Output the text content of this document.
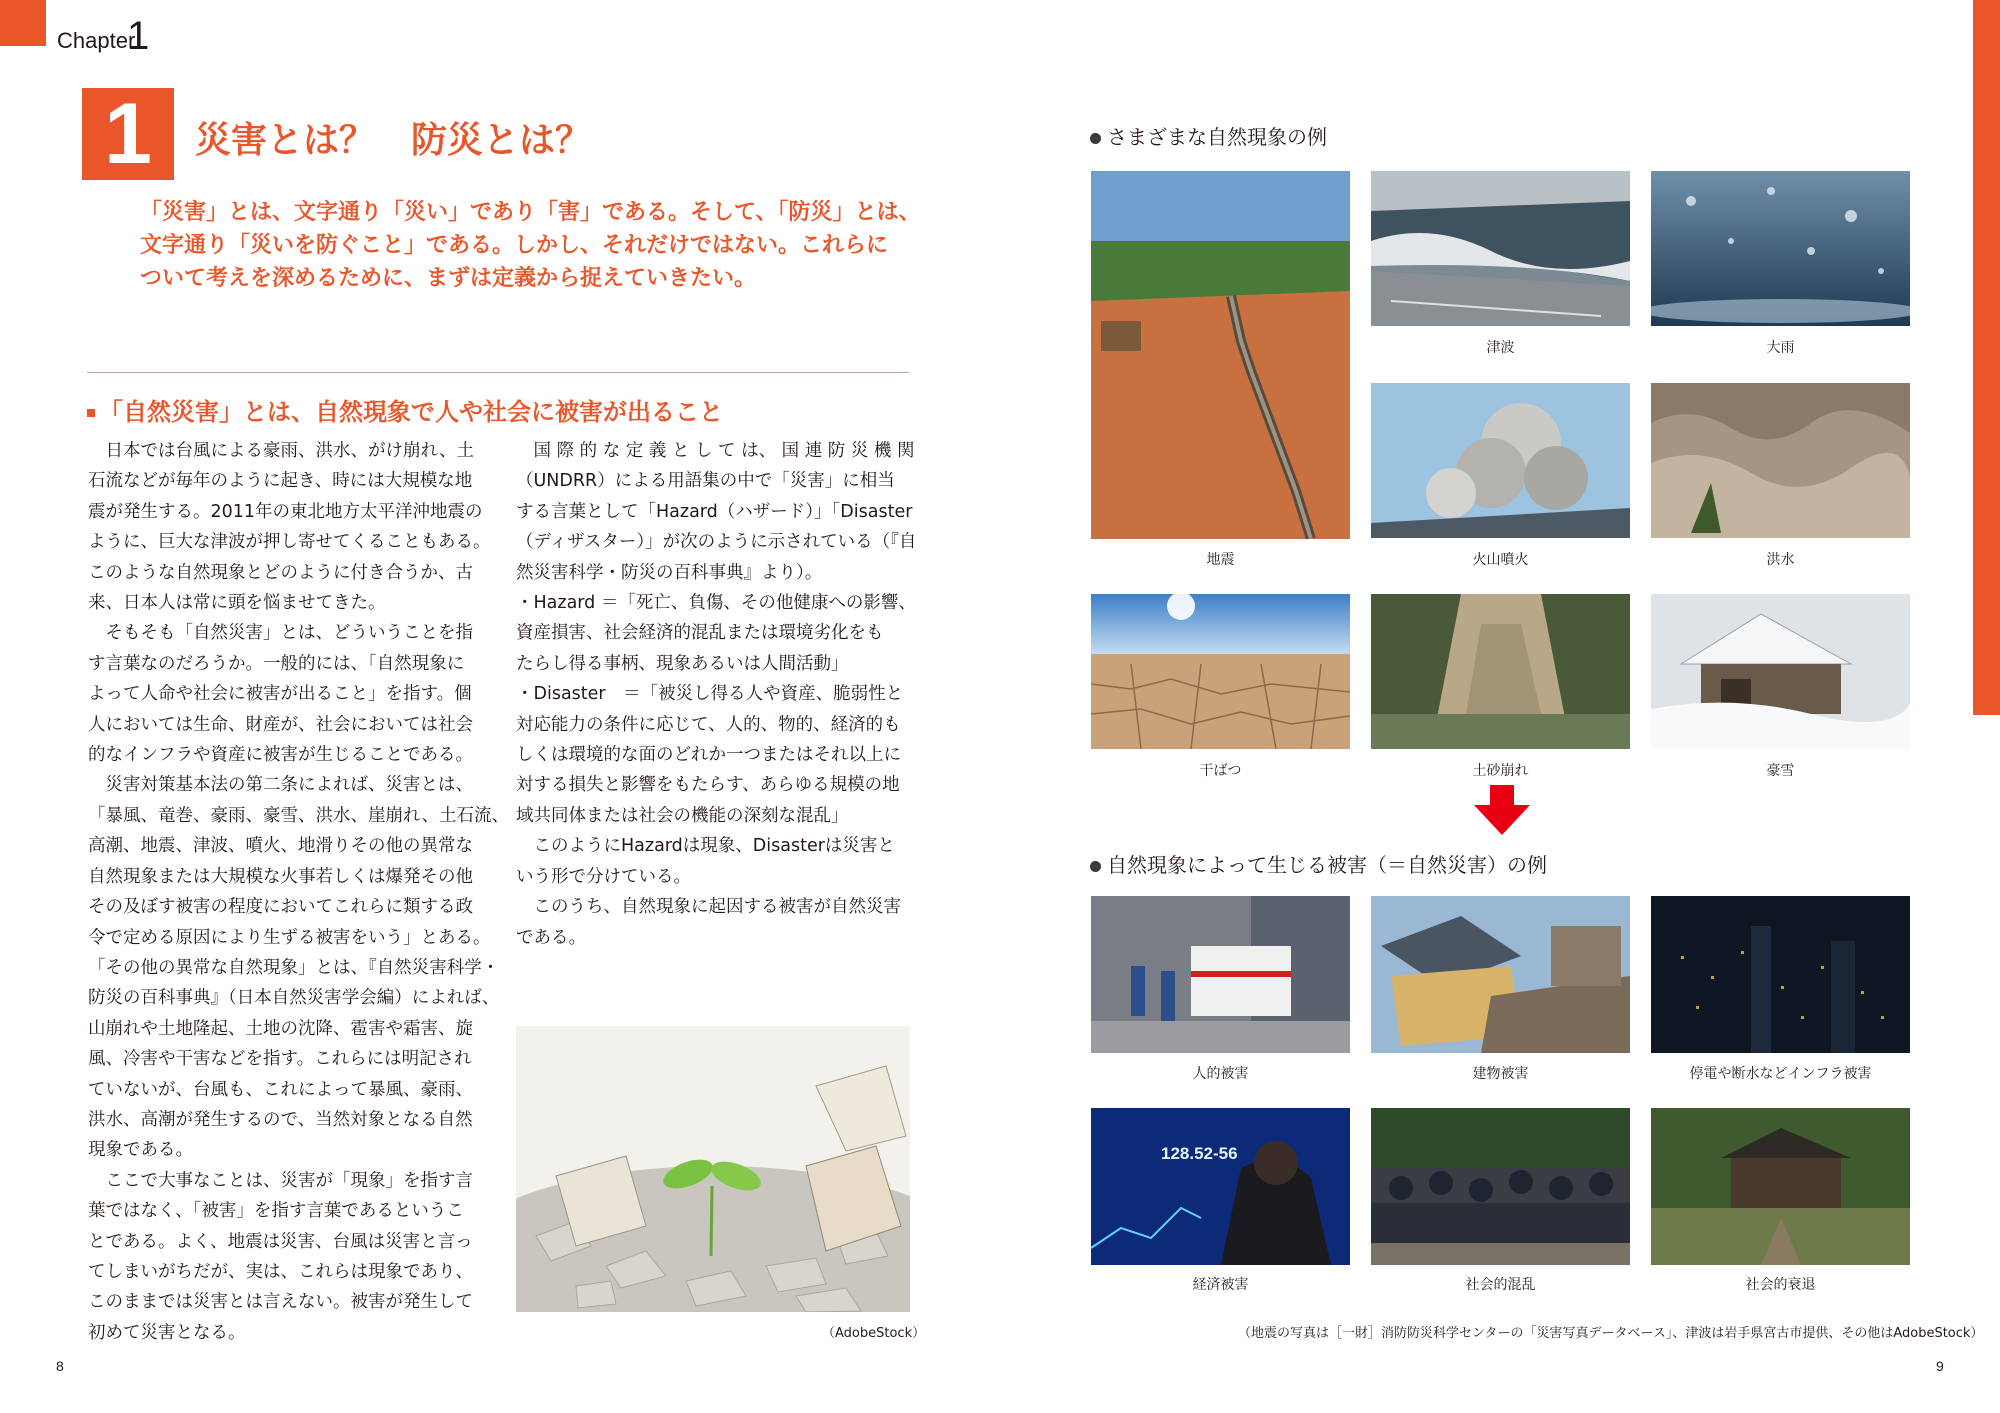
Chapter
1
1	災害とは？　防災とは？
「災害」とは、文字通り「災い」であり「害」である。そして、「防災」とは、
文字通り「災いを防ぐこと」である。しかし、それだけではない。これらに
ついて考えを深めるために、まずは定義から捉えていきたい。
「自然災害」とは、自然現象で人や社会に被害が出ること
　日本では台風による豪雨、洪水、がけ崩れ、土
石流などが毎年のように起き、時には大規模な地
震が発生する。2011年の東北地方太平洋沖地震の
ように、巨大な津波が押し寄せてくることもある。
このような自然現象とどのように付き合うか、古
来、日本人は常に頭を悩ませてきた。
　そもそも「自然災害」とは、どういうことを指
す言葉なのだろうか。一般的には、「自然現象に
よって人命や社会に被害が出ること」を指す。個
人においては生命、財産が、社会においては社会
的なインフラや資産に被害が生じることである。
　災害対策基本法の第二条によれば、災害とは、
「暴風、竜巻、豪雨、豪雪、洪水、崖崩れ、土石流、
高潮、地震、津波、噴火、地滑りその他の異常な
自然現象または大規模な火事若しくは爆発その他
その及ぼす被害の程度においてこれらに類する政
令で定める原因により生ずる被害をいう」とある。
「その他の異常な自然現象」とは、『自然災害科学・
防災の百科事典』（日本自然災害学会編）によれば、
山崩れや土地隆起、土地の沈降、雹害や霜害、旋
風、冷害や干害などを指す。これらには明記され
ていないが、台風も、これによって暴風、豪雨、
洪水、高潮が発生するので、当然対象となる自然
現象である。
　ここで大事なことは、災害が「現象」を指す言
葉ではなく、「被害」を指す言葉であるというこ
とである。よく、地震は災害、台風は災害と言っ
てしまいがちだが、実は、これらは現象であり、
このままでは災害とは言えない。被害が発生して
初めて災害となる。
　国 際 的 な 定 義 と し て は、 国 連 防 災 機 関
（UNDRR）による用語集の中で「災害」に相当
する言葉として「Hazard（ハザード）」「Disaster
（ディザスター）」が次のように示されている（『自
然災害科学・防災の百科事典』より）。
・Hazard ＝「死亡、負傷、その他健康への影響、
資産損害、社会経済的混乱または環境劣化をも
たらし得る事柄、現象あるいは人間活動」
・Disaster　＝「被災し得る人や資産、脆弱性と
対応能力の条件に応じて、人的、物的、経済的も
しくは環境的な面のどれか一つまたはそれ以上に
対する損失と影響をもたらす、あらゆる規模の地
域共同体または社会の機能の深刻な混乱」
　このようにHazardは現象、Disasterは災害と
いう形で分けている。
　このうち、自然現象に起因する被害が自然災害
である。
（AdobeStock）
8
さまざまな自然現象の例
津波	大雨
地震	火山噴火	洪水
干ばつ	土砂崩れ	豪雪
自然現象によって生じる被害（＝自然災害）の例
人的被害	建物被害	停電や断水などインフラ被害
128.52-56
経済被害	社会的混乱	社会的衰退
（地震の写真は［一財］消防防災科学センターの「災害写真データベース」、津波は岩手県宮古市提供、その他はAdobeStock）
9
